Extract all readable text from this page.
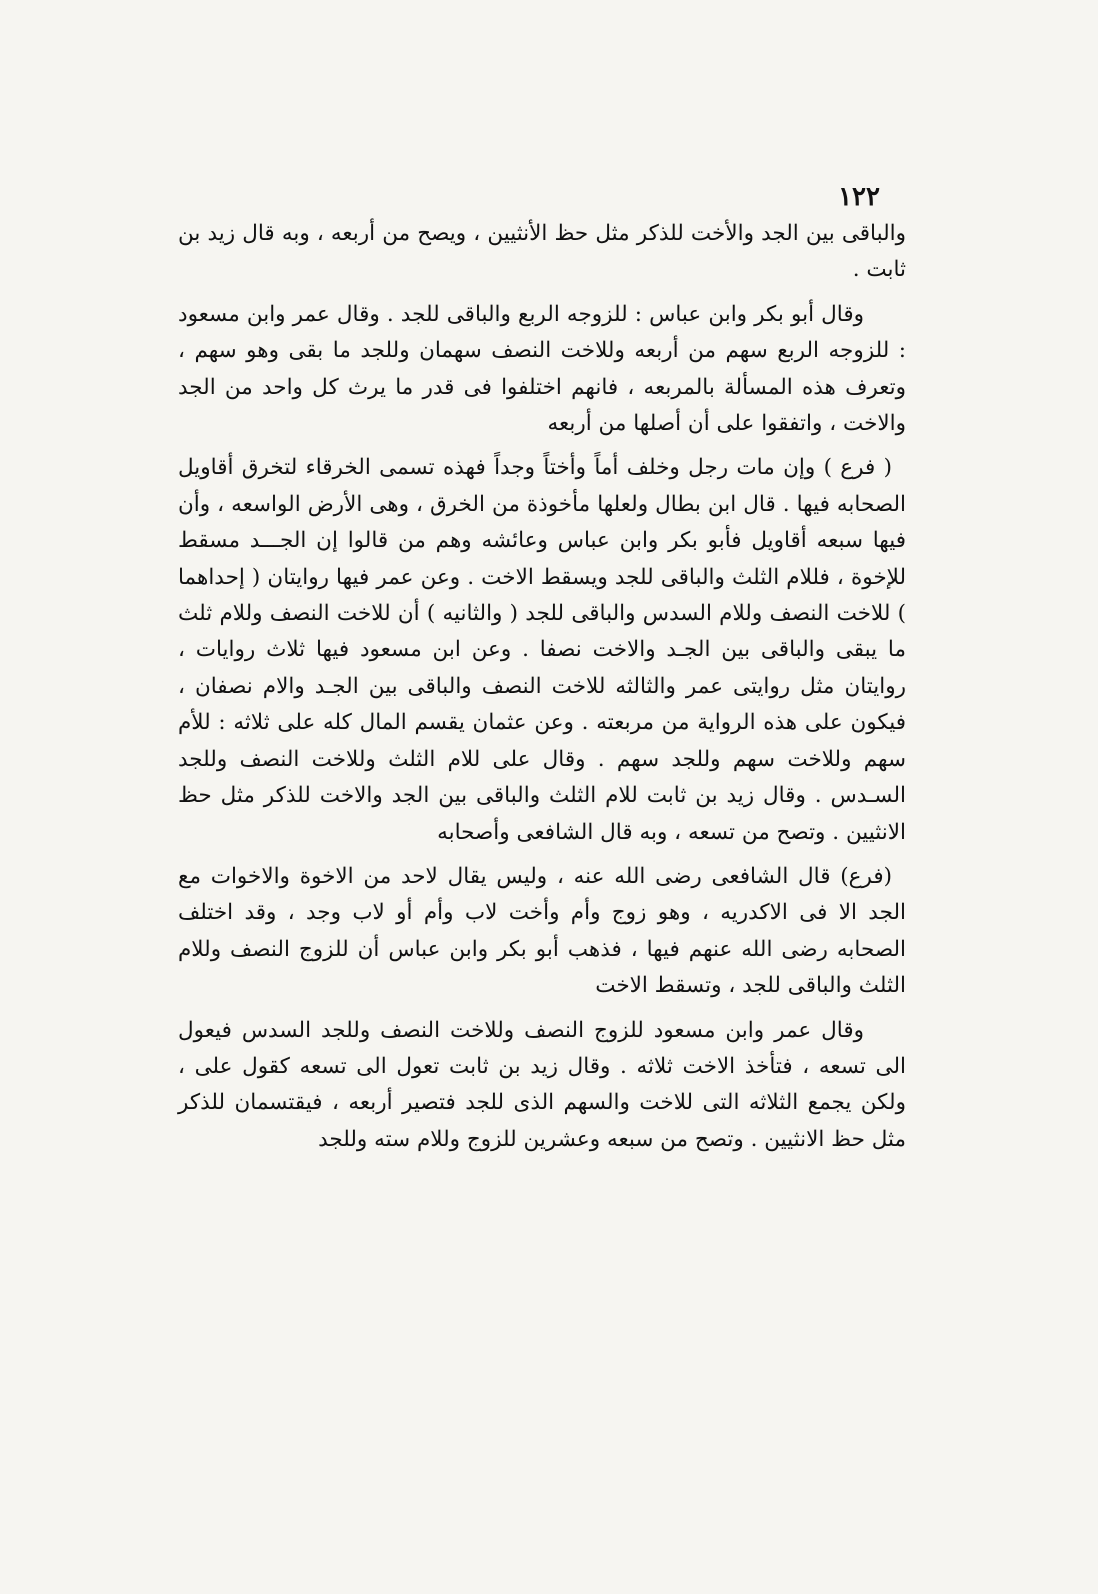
١٢٢

والباقى بين الجد والأخت للذكر مثل حظ الأنثيين ، ويصح من أربعه ، وبه قال زيد بن ثابت .

وقال أبو بكر وابن عباس : للزوجه الربع والباقى للجد . وقال عمر وابن مسعود : للزوجه الربع سهم من أربعه وللاخت النصف سهمان وللجد ما بقى وهو سهم ، وتعرف هذه المسألة بالمربعه ، فانهم اختلفوا فى قدر ما يرث كل واحد من الجد والاخت ، واتفقوا على أن أصلها من أربعه

( فرع ) وإن مات رجل وخلف أماً وأختاً وجداً فهذه تسمى الخرقاء لتخرق أقاويل الصحابه فيها . قال ابن بطال ولعلها مأخوذة من الخرق ، وهى الأرض الواسعه ، وأن فيها سبعه أقاويل فأبو بكر وابن عباس وعائشه وهم من قالوا إن الجـــد مسقط للإخوة ، فللام الثلث والباقى للجد ويسقط الاخت . وعن عمر فيها روايتان ( إحداهما ) للاخت النصف وللام السدس والباقى للجد ( والثانيه ) أن للاخت النصف وللام ثلث ما يبقى والباقى بين الجـد والاخت نصفا . وعن ابن مسعود فيها ثلاث روايات ، روايتان مثل روايتى عمر والثالثه للاخت النصف والباقى بين الجـد والام نصفان ، فيكون على هذه الرواية من مربعته . وعن عثمان يقسم المال كله على ثلاثه : للأم سهم وللاخت سهم وللجد سهم . وقال على للام الثلث وللاخت النصف وللجد السـدس . وقال زيد بن ثابت للام الثلث والباقى بين الجد والاخت للذكر مثل حظ الانثيين . وتصح من تسعه ، وبه قال الشافعى وأصحابه

(فرع) قال الشافعى رضى الله عنه ، وليس يقال لاحد من الاخوة والاخوات مع الجد الا فى الاكدريه ، وهو زوج وأم وأخت لاب وأم أو لاب وجد ، وقد اختلف الصحابه رضى الله عنهم فيها ، فذهب أبو بكر وابن عباس أن للزوج النصف وللام الثلث والباقى للجد ، وتسقط الاخت

وقال عمر وابن مسعود للزوج النصف وللاخت النصف وللجد السدس فيعول الى تسعه ، فتأخذ الاخت ثلاثه . وقال زيد بن ثابت تعول الى تسعه كقول على ، ولكن يجمع الثلاثه التى للاخت والسهم الذى للجد فتصير أربعه ، فيقتسمان للذكر مثل حظ الانثيين . وتصح من سبعه وعشرين للزوج وللام سته وللجد
